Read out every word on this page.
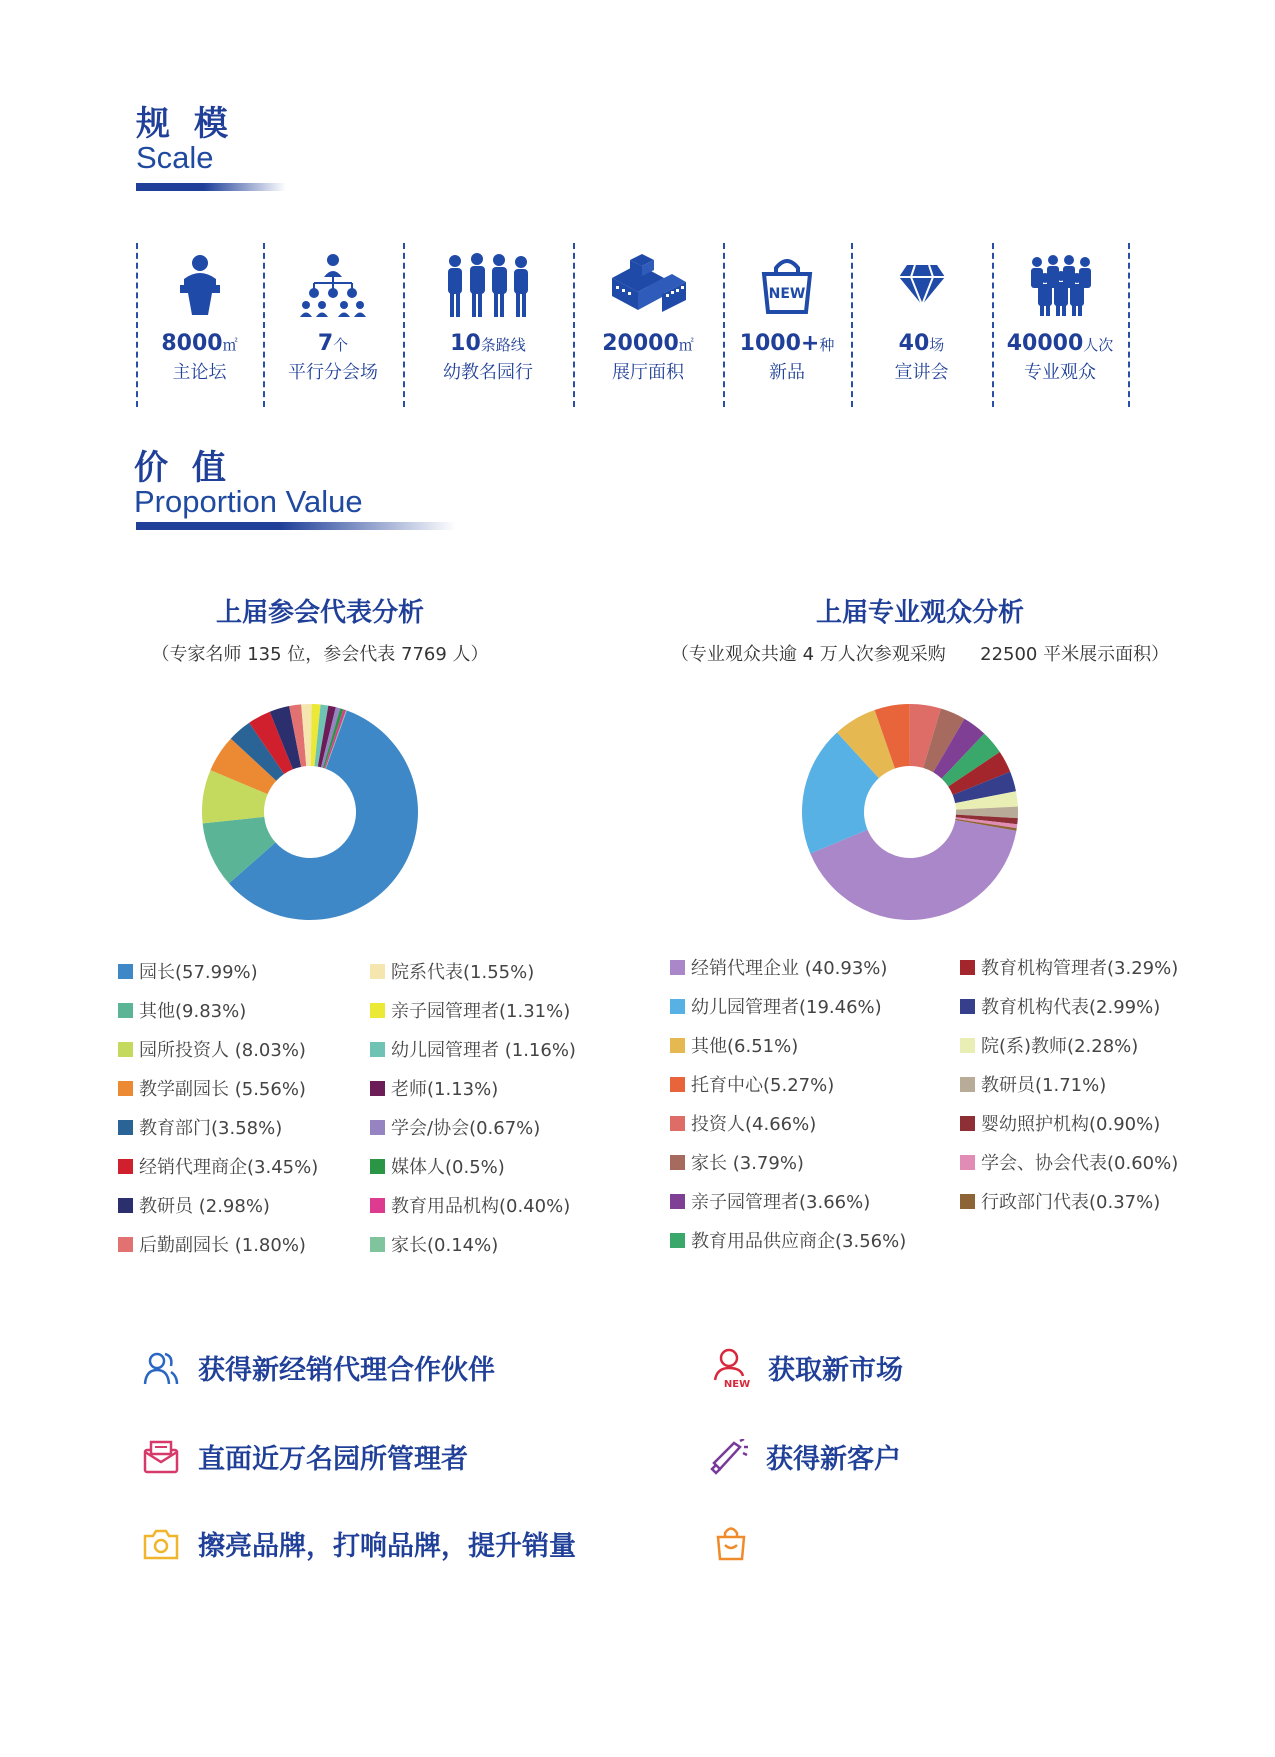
规 模
Scale
8000㎡
主论坛
7个
平行分会场
10条路线
幼教名园行
20000㎡
展厅面积
NEW
1000+种
新品
40场
宣讲会
40000人次
专业观众
价 值
Proportion Value
上届参会代表分析
（专家名师 135 位，参会代表 7769 人）
园长(57.99%)
其他(9.83%)
园所投资人 (8.03%)
教学副园长 (5.56%)
教育部门(3.58%)
经销代理商企(3.45%)
教研员 (2.98%)
后勤副园长 (1.80%)
院系代表(1.55%)
亲子园管理者(1.31%)
幼儿园管理者 (1.16%)
老师(1.13%)
学会/协会(0.67%)
媒体人(0.5%)
教育用品机构(0.40%)
家长(0.14%)
上届专业观众分析
（专业观众共逾 4 万人次参观采购      22500 平米展示面积）
经销代理企业 (40.93%)
幼儿园管理者(19.46%)
其他(6.51%)
托育中心(5.27%)
投资人(4.66%)
家长 (3.79%)
亲子园管理者(3.66%)
教育用品供应商企(3.56%)
教育机构管理者(3.29%)
教育机构代表(2.99%)
院(系)教师(2.28%)
教研员(1.71%)
婴幼照护机构(0.90%)
学会、协会代表(0.60%)
行政部门代表(0.37%)
获得新经销代理合作伙伴	NEW 获取新市场
直面近万名园所管理者	获得新客户
擦亮品牌，打响品牌，提升销量
